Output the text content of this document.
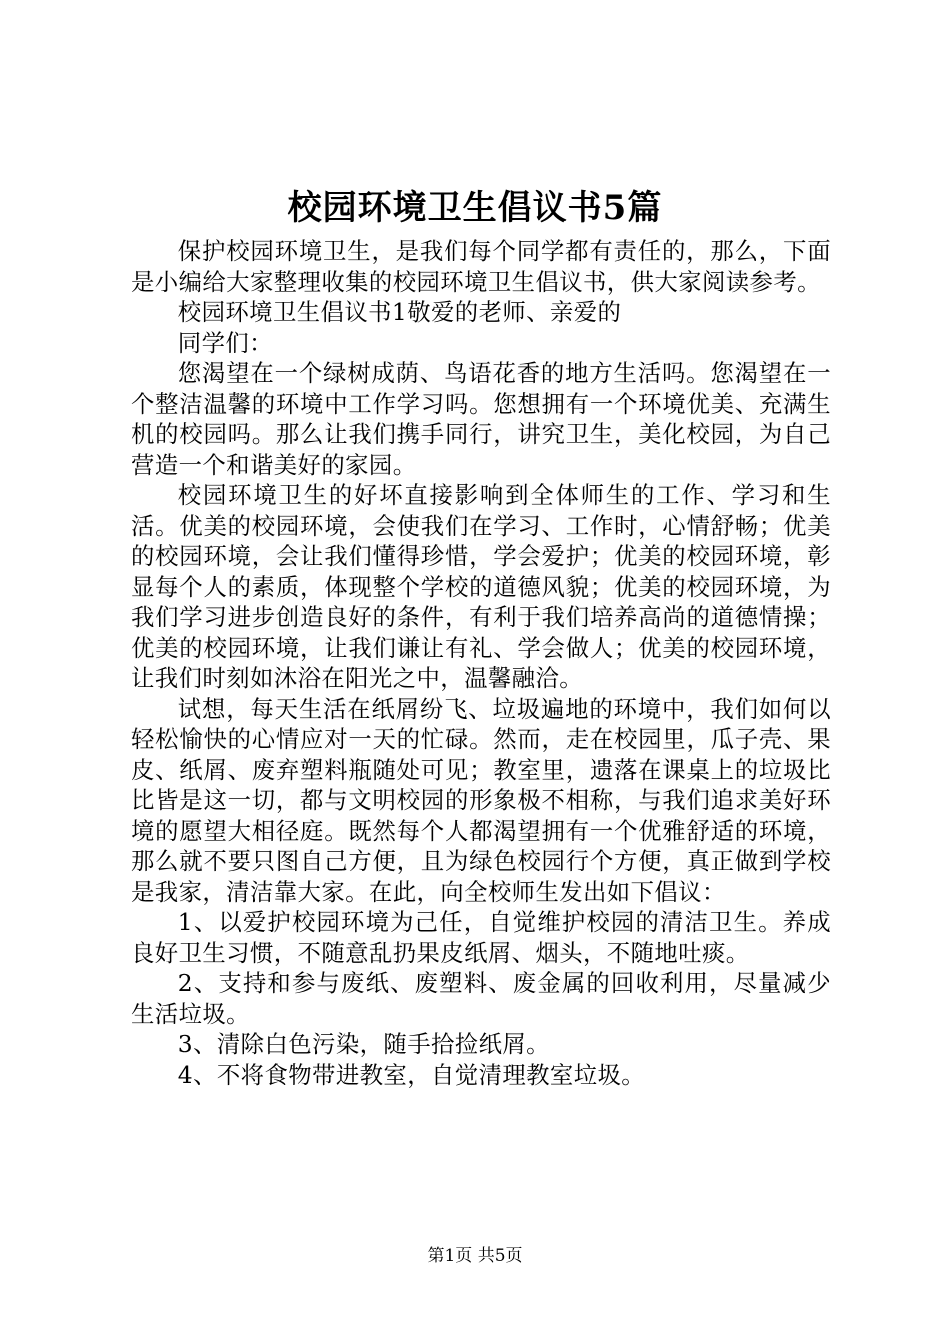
校园环境卫生倡议书5篇

保护校园环境卫生，是我们每个同学都有责任的，那么，下面是小编给大家整理收集的校园环境卫生倡议书，供大家阅读参考。

校园环境卫生倡议书1敬爱的老师、亲爱的

同学们：

您渴望在一个绿树成荫、鸟语花香的地方生活吗。您渴望在一个整洁温馨的环境中工作学习吗。您想拥有一个环境优美、充满生机的校园吗。那么让我们携手同行，讲究卫生，美化校园，为自己营造一个和谐美好的家园。

校园环境卫生的好坏直接影响到全体师生的工作、学习和生活。优美的校园环境，会使我们在学习、工作时，心情舒畅；优美的校园环境，会让我们懂得珍惜，学会爱护；优美的校园环境，彰显每个人的素质，体现整个学校的道德风貌；优美的校园环境，为我们学习进步创造良好的条件，有利于我们培养高尚的道德情操；优美的校园环境，让我们谦让有礼、学会做人；优美的校园环境，让我们时刻如沐浴在阳光之中，温馨融洽。

试想，每天生活在纸屑纷飞、垃圾遍地的环境中，我们如何以轻松愉快的心情应对一天的忙碌。然而，走在校园里，瓜子壳、果皮、纸屑、废弃塑料瓶随处可见；教室里，遗落在课桌上的垃圾比比皆是这一切，都与文明校园的形象极不相称，与我们追求美好环境的愿望大相径庭。既然每个人都渴望拥有一个优雅舒适的环境，那么就不要只图自己方便，且为绿色校园行个方便，真正做到学校是我家，清洁靠大家。在此，向全校师生发出如下倡议：

1、以爱护校园环境为己任，自觉维护校园的清洁卫生。养成良好卫生习惯，不随意乱扔果皮纸屑、烟头，不随地吐痰。

2、支持和参与废纸、废塑料、废金属的回收利用，尽量减少生活垃圾。

3、清除白色污染，随手拾捡纸屑。

4、不将食物带进教室，自觉清理教室垃圾。

第1页 共5页
